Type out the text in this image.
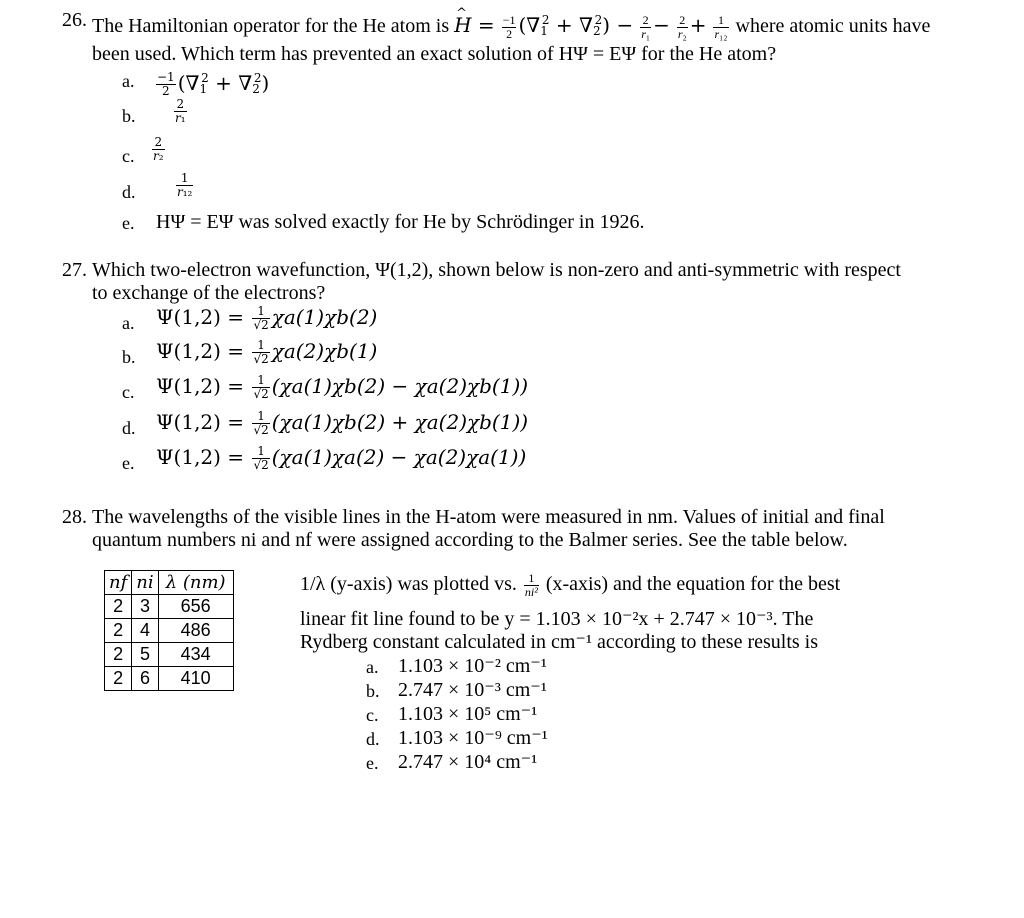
26. The Hamiltonian operator for the He atom is ^ $H = \frac{-1}{2} (\nabla_1^2 + \nabla_2^2) - \frac{2}{\text{r₁}} - \frac{2}{\text{r₂}} + \frac{1}{\text{r₁₂}}$ where atomic units have
been used. Which term has prevented an exact solution of HΨ = EΨ for the He atom?
a. $\frac{-1}{2} (\nabla_1^2 + \nabla_2^2)$
b.	$\frac{2}{\text{r₁}}$
c. $\frac{2}{\text{r₂}}$
d.	$\frac{1}{\text{r₁₂}}$
e. HΨ = EΨ was solved exactly for He by Schrödinger in 1926.
27. Which two-electron wavefunction, Ψ(1,2), shown below is non-zero and anti-symmetric with respect
to exchange of the electrons?
a. $\Psi(1,2) = \frac{1}{√2} \chi a(1)\chi b(2)$
b. $\Psi(1,2) = \frac{1}{√2} \chi a(2)\chi b(1)$
c. $\Psi(1,2) = \frac{1}{√2} (\chi a(1)\chi b(2) - \chi a(2)\chi b(1))$
d. $\Psi(1,2) = \frac{1}{√2} (\chi a(1)\chi b(2) + \chi a(2)\chi b(1))$
e. $\Psi(1,2) = \frac{1}{√2} (\chi a(1)\chi a(2) - \chi a(2)\chi a(1))$
28. The wavelengths of the visible lines in the H-atom were measured in nm. Values of initial and final
quantum numbers ni and nf were assigned according to the Balmer series. See the table below.
nf	ni	λ (nm)
2	3	656
2	4	486
2	5	434
2	6	410
1/λ (y-axis) was plotted vs. $\frac{1}{\text{ni²}}$ (x-axis) and the equation for the best
linear fit line found to be y = 1.103 × 10⁻²x + 2.747 × 10⁻³. The
Rydberg constant calculated in cm⁻¹ according to these results is
a. 1.103 × 10⁻² cm⁻¹
b. 2.747 × 10⁻³ cm⁻¹
c. 1.103 × 10⁵ cm⁻¹
d. 1.103 × 10⁻⁹ cm⁻¹
e. 2.747 × 10⁴ cm⁻¹
